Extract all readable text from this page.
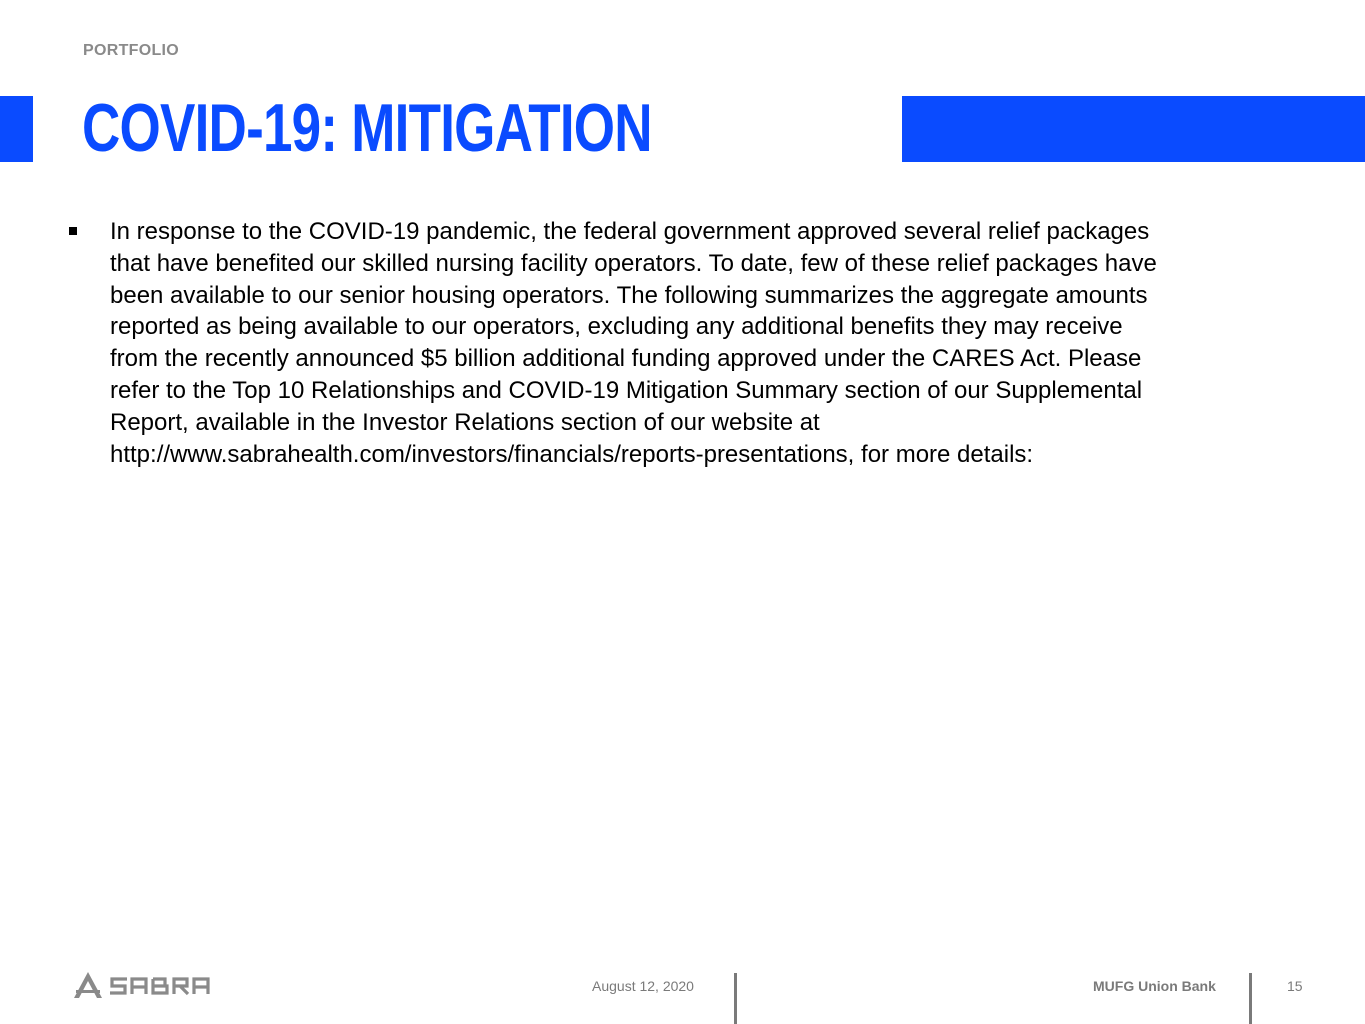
PORTFOLIO
COVID-19: MITIGATION
In response to the COVID-19 pandemic, the federal government approved several relief packages
that have benefited our skilled nursing facility operators. To date, few of these relief packages have
been available to our senior housing operators. The following summarizes the aggregate amounts
reported as being available to our operators, excluding any additional benefits they may receive
from the recently announced $5 billion additional funding approved under the CARES Act. Please
refer to the Top 10 Relationships and COVID-19 Mitigation Summary section of our Supplemental
Report, available in the Investor Relations section of our website at
http://www.sabrahealth.com/investors/financials/reports-presentations, for more details:
August 12, 2020	MUFG Union Bank	15
